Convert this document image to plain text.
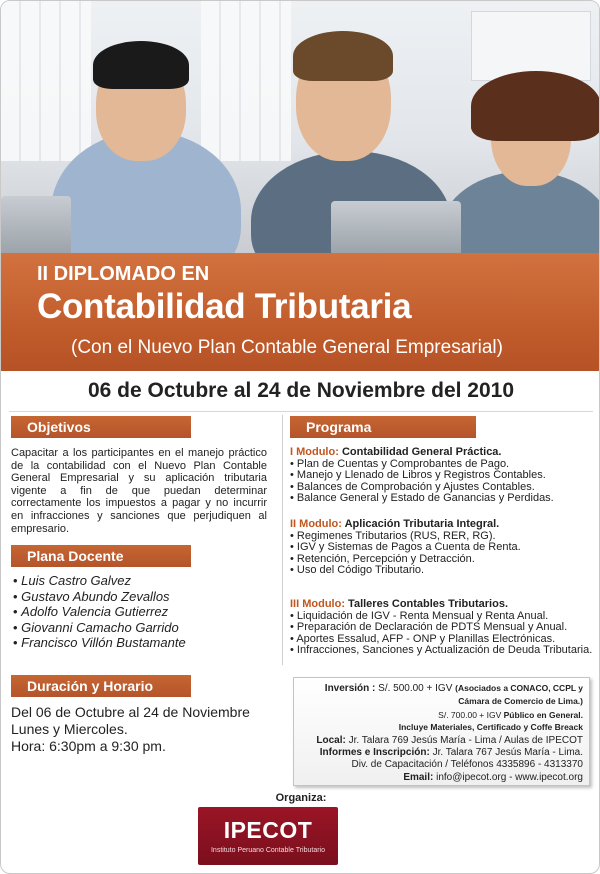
II DIPLOMADO EN
Contabilidad Tributaria
(Con el Nuevo Plan Contable General Empresarial)
06 de Octubre al 24 de Noviembre del 2010
Objetivos
Capacitar a los participantes en el manejo práctico de la contabilidad con el Nuevo Plan Contable General Empresarial y su aplicación tributaria vigente a fin de que puedan determinar correctamente los impuestos a pagar y no incurrir en infracciones y sanciones que perjudiquen al empresario.
Plana Docente
• Luis Castro Galvez
• Gustavo Abundo Zevallos
• Adolfo Valencia Gutierrez
• Giovanni Camacho Garrido
• Francisco Villón Bustamante
Duración y Horario
Del 06 de Octubre al 24 de Noviembre
Lunes y Miercoles.
Hora: 6:30pm a 9:30 pm.
Programa
I Modulo: Contabilidad General Práctica.
• Plan de Cuentas y Comprobantes de Pago.
• Manejo y Llenado de Libros y Registros Contables.
• Balances de Comprobación y Ajustes Contables.
• Balance General y Estado de Ganancias y Perdidas.
II Modulo: Aplicación Tributaria Integral.
• Regimenes Tributarios (RUS, RER, RG).
• IGV y Sistemas de Pagos a Cuenta de Renta.
• Retención, Percepción y Detracción.
• Uso del Código Tributario.
III Modulo: Talleres Contables Tributarios.
• Liquidación de IGV - Renta Mensual y Renta Anual.
• Preparación de Declaración de PDTS Mensual y Anual.
• Aportes Essalud, AFP - ONP y Planillas Electrónicas.
• Infracciones, Sanciones y Actualización de Deuda Tributaria.
Inversión : S/. 500.00 + IGV (Asociados a CONACO, CCPL y
Cámara de Comercio de Lima.)
S/. 700.00 + IGV Público en General.
Incluye Materiales, Certificado y Coffe Breack
Local: Jr. Talara 769 Jesús María - Lima / Aulas de IPECOT
Informes e Inscripción: Jr. Talara 767 Jesús María - Lima.
Div. de Capacitación / Teléfonos 4335896 - 4313370
Email: info@ipecot.org - www.ipecot.org
Organiza:
IPECOT
Instituto Peruano Contable Tributario
